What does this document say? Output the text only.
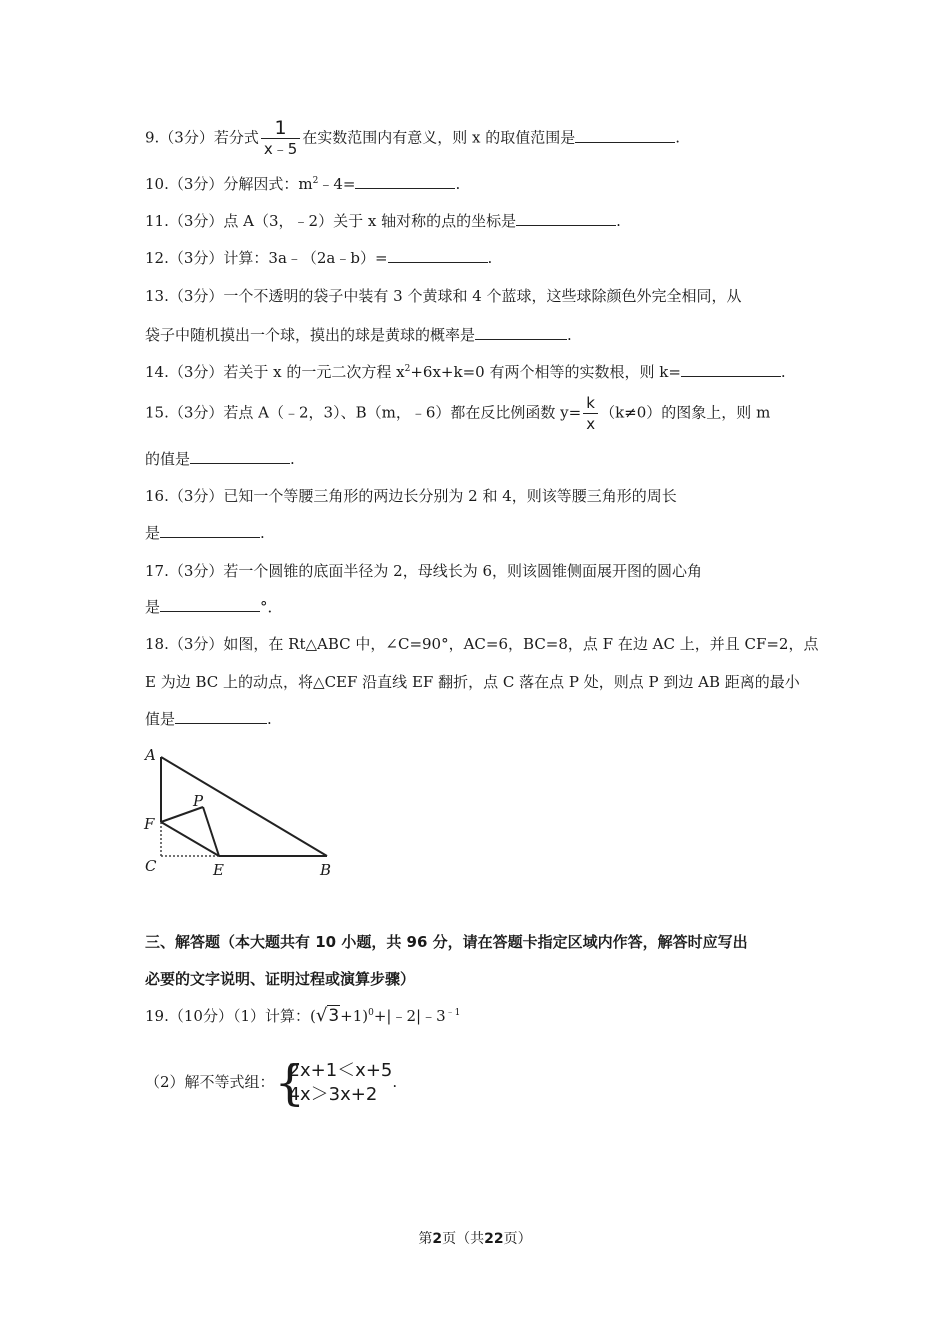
9.（3分）若分式 $\frac{1}{x﹣5}$ 在实数范围内有意义，则 x 的取值范围是	.
10.（3分）分解因式：$m^2﹣4=$	.
11.（3分）点 A（3，﹣2）关于 x 轴对称的点的坐标是	.
12.（3分）计算：3a﹣（2a﹣b）=	.
13.（3分）一个不透明的袋子中装有 3 个黄球和 4 个蓝球，这些球除颜色外完全相同，从
袋子中随机摸出一个球，摸出的球是黄球的概率是	.
14.（3分）若关于 x 的一元二次方程 $x^2+6x+k=0$ 有两个相等的实数根，则 k=	.
15.（3分）若点 A（﹣2，3）、B（m，﹣6）都在反比例函数 $y= \frac{k}{x} (k\ne 0)$的图象上，则 m
的值是	.
16.（3分）已知一个等腰三角形的两边长分别为 2 和 4，则该等腰三角形的周长
是	.
17.（3分）若一个圆锥的底面半径为 2，母线长为 6，则该圆锥侧面展开图的圆心角
是	°．
18.（3分）如图，在 Rt△ABC 中，∠C=90°，AC=6，BC=8，点 F 在边 AC 上，并且 CF=2，点
E 为边 BC 上的动点，将△CEF 沿直线 EF 翻折，点 C 落在点 P 处，则点 P 到边 AB 距离的最小
值是	.
A
P
F
C	E	B
三、解答题（本大题共有 10 小题，共 96 分，请在答题卡指定区域内作答，解答时应写出
必要的文字说明、证明过程或演算步骤）
19.（10分）（1）计算：$(√3+1)^0+|﹣2|﹣3^{﹣1}$
（2）解不等式组： {
2x+1＜x+5
4x＞3x+2
.
第2页（共22页）
